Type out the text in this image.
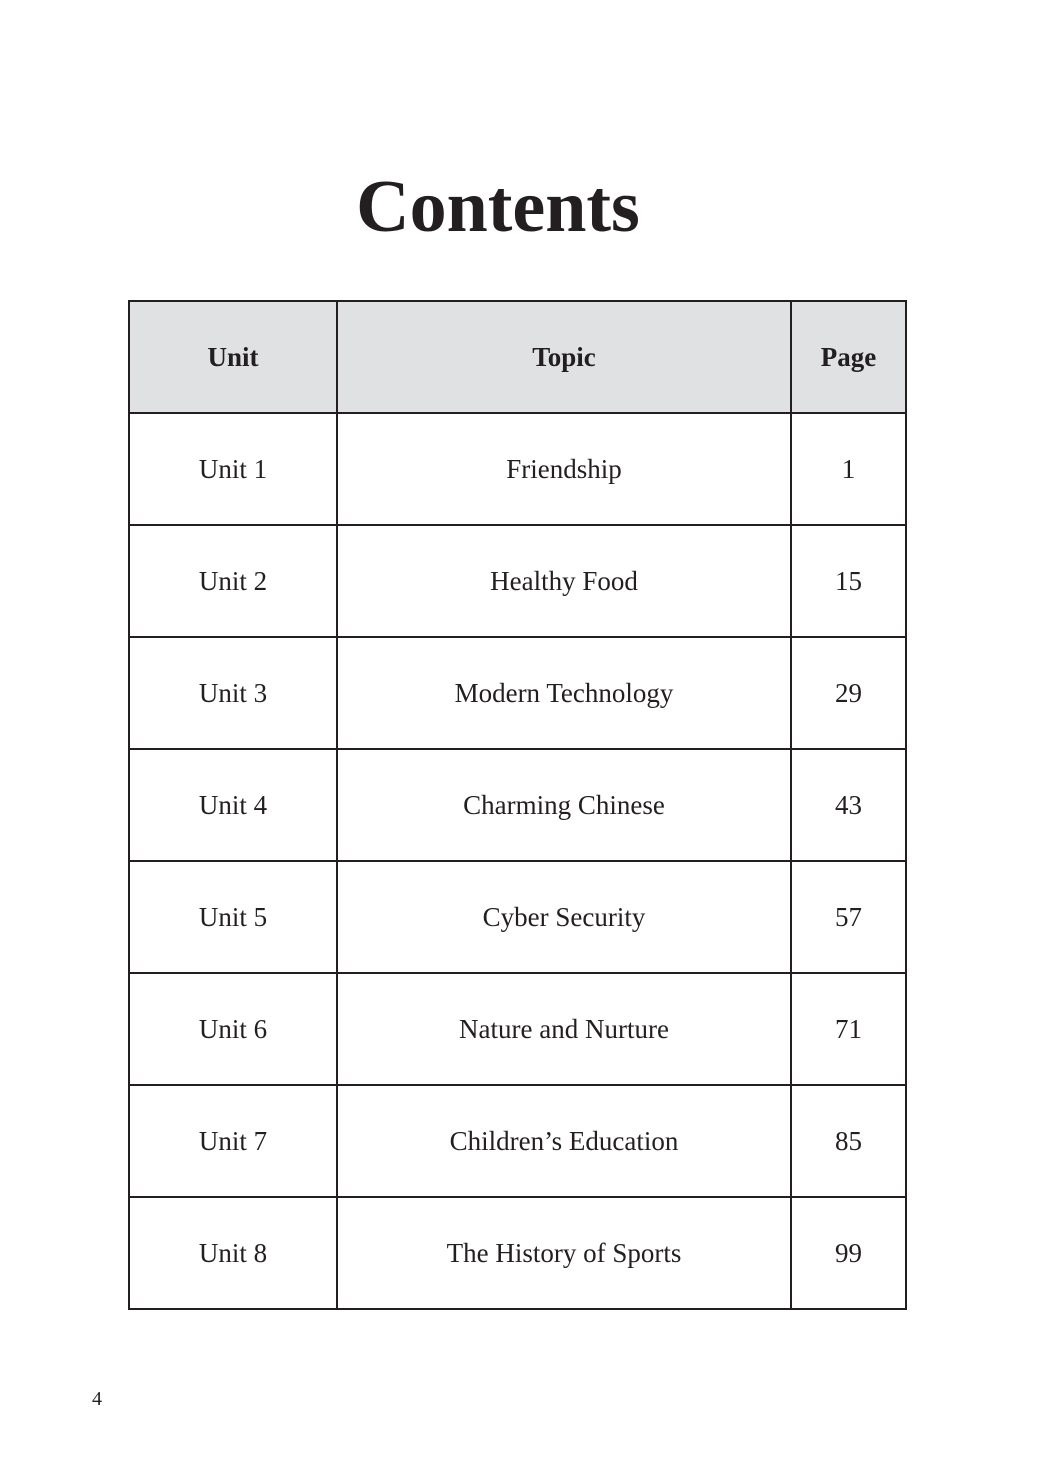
Contents
Unit	Topic	Page
Unit 1	Friendship	1
Unit 2	Healthy Food	15
Unit 3	Modern Technology	29
Unit 4	Charming Chinese	43
Unit 5	Cyber Security	57
Unit 6	Nature and Nurture	71
Unit 7	Children’s Education	85
Unit 8	The History of Sports	99
4
